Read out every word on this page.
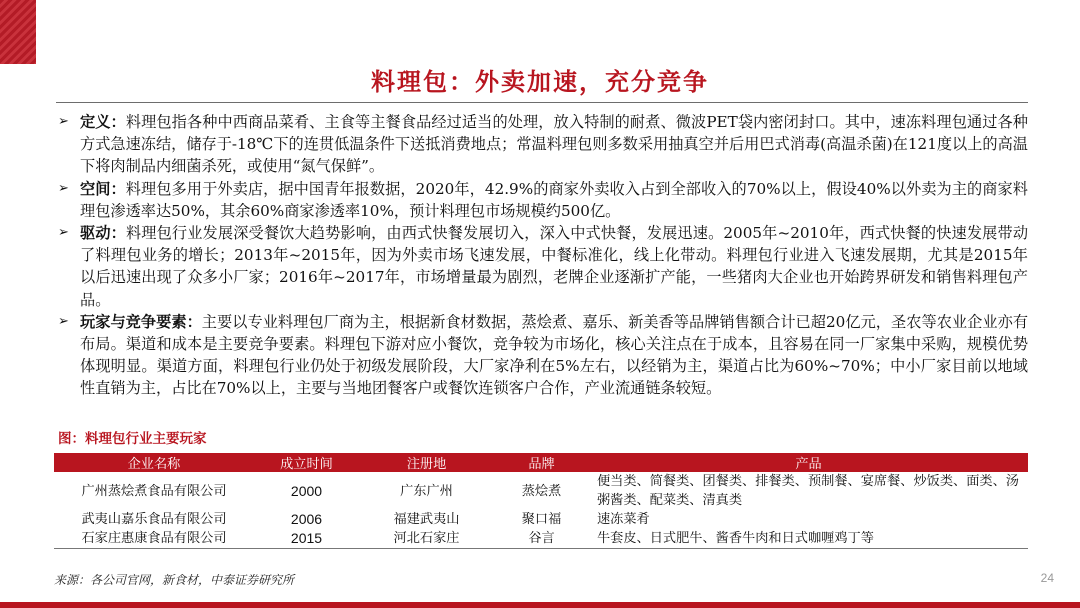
料理包：外卖加速，充分竞争
➢ 定义：料理包指各种中西商品菜肴、主食等主餐食品经过适当的处理，放入特制的耐煮、微波PET袋内密闭封口。其中，速冻料理包通过各种方式急速冻结，储存于-18℃下的连贯低温条件下送抵消费地点；常温料理包则多数采用抽真空并后用巴式消毒(高温杀菌)在121度以上的高温下将肉制品内细菌杀死，或使用“氮气保鲜”。
➢ 空间：料理包多用于外卖店，据中国青年报数据，2020年，42.9%的商家外卖收入占到全部收入的70%以上，假设40%以外卖为主的商家料理包渗透率达50%，其余60%商家渗透率10%，预计料理包市场规模约500亿。
➢ 驱动：料理包行业发展深受餐饮大趋势影响，由西式快餐发展切入，深入中式快餐，发展迅速。2005年~2010年，西式快餐的快速发展带动了料理包业务的增长；2013年~2015年，因为外卖市场飞速发展，中餐标准化，线上化带动。料理包行业进入飞速发展期，尤其是2015年以后迅速出现了众多小厂家；2016年~2017年，市场增量最为剧烈，老牌企业逐渐扩产能，一些猪肉大企业也开始跨界研发和销售料理包产品。
➢ 玩家与竞争要素：主要以专业料理包厂商为主，根据新食材数据，蒸烩煮、嘉乐、新美香等品牌销售额合计已超20亿元，圣农等农业企业亦有布局。渠道和成本是主要竞争要素。料理包下游对应小餐饮，竞争较为市场化，核心关注点在于成本，且容易在同一厂家集中采购，规模优势体现明显。渠道方面，料理包行业仍处于初级发展阶段，大厂家净利在5%左右，以经销为主，渠道占比为60%~70%；中小厂家目前以地域性直销为主，占比在70%以上，主要与当地团餐客户或餐饮连锁客户合作，产业流通链条较短。
图：料理包行业主要玩家
企业名称	成立时间	注册地	品牌	产品
广州蒸烩煮食品有限公司	2000	广东广州	蒸烩煮	便当类、简餐类、团餐类、排餐类、预制餐、宴席餐、炒饭类、面类、汤粥酱类、配菜类、清真类
武夷山嘉乐食品有限公司	2006	福建武夷山	聚口福	速冻菜肴
石家庄惠康食品有限公司	2015	河北石家庄	谷言	牛套皮、日式肥牛、酱香牛肉和日式咖喱鸡丁等
来源：各公司官网，新食材，中泰证券研究所	24
